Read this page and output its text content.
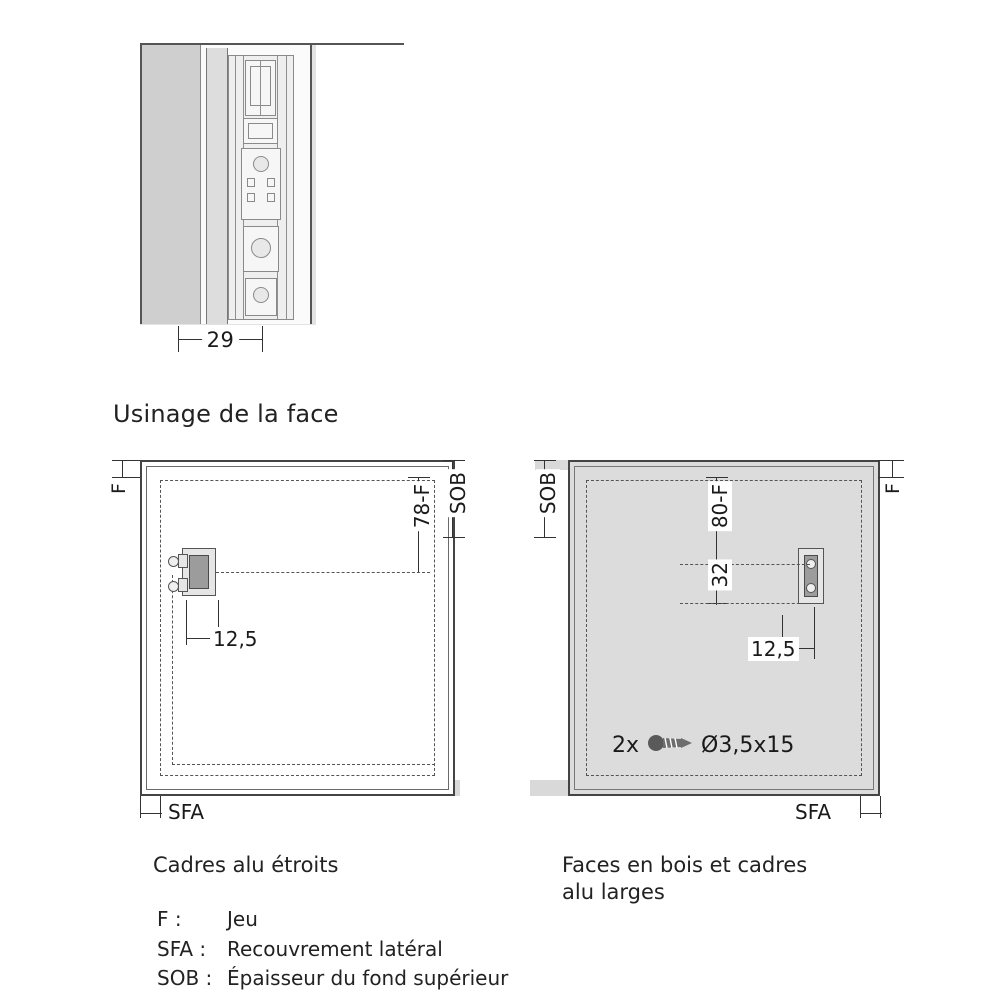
29
Usinage de la face
F	SOB
78-F
12,5
SFA
Cadres alu étroits
F
SOB	80-F
32
12,5
SFA
2x	Ø3,5x15
Faces en bois et cadres
alu larges
F :	Jeu
SFA :	Recouvrement latéral
SOB : Épaisseur du fond supérieur
